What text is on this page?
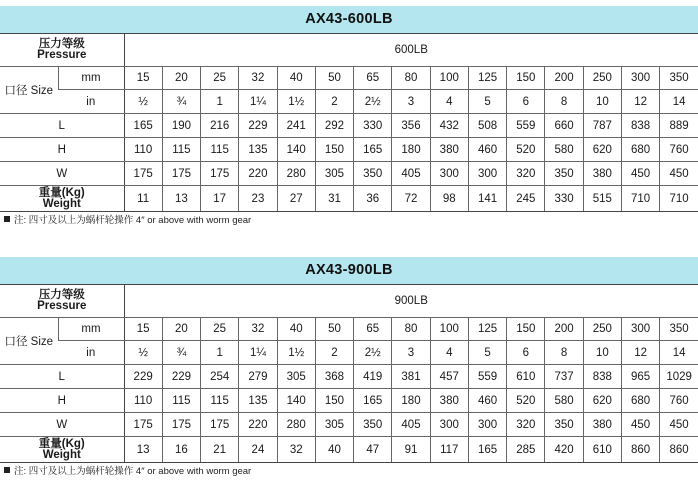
AX43-600LB
压力等级
Pressure		600LB														
口径 Size	mm	15	20	25	32	40	50	65	80	100	125	150	200	250	300	350
	in	½	¾	1	1¼	1½	2	2½	3	4	5	6	8	10	12	14
L		165	190	216	229	241	292	330	356	432	508	559	660	787	838	889
H		110	115	115	135	140	150	165	180	380	460	520	580	620	680	760
W		175	175	175	220	280	305	350	405	300	300	320	350	380	450	450

重量(Kg)
Weight		11	13	17	23	27	31	36	72	98	141	245	330	515	710	710
注: 四寸及以上为蜗杆轮操作 4″ or above with worm gear
AX43-900LB
压力等级
Pressure		900LB														
口径 Size	mm	15	20	25	32	40	50	65	80	100	125	150	200	250	300	350
	in	½	¾	1	1¼	1½	2	2½	3	4	5	6	8	10	12	14
L		229	229	254	279	305	368	419	381	457	559	610	737	838	965	1029
H		110	115	115	135	140	150	165	180	380	460	520	580	620	680	760
W		175	175	175	220	280	305	350	405	300	300	320	350	380	450	450

重量(Kg)
Weight		13	16	21	24	32	40	47	91	117	165	285	420	610	860	860
注: 四寸及以上为蜗杆轮操作 4″ or above with worm gear
